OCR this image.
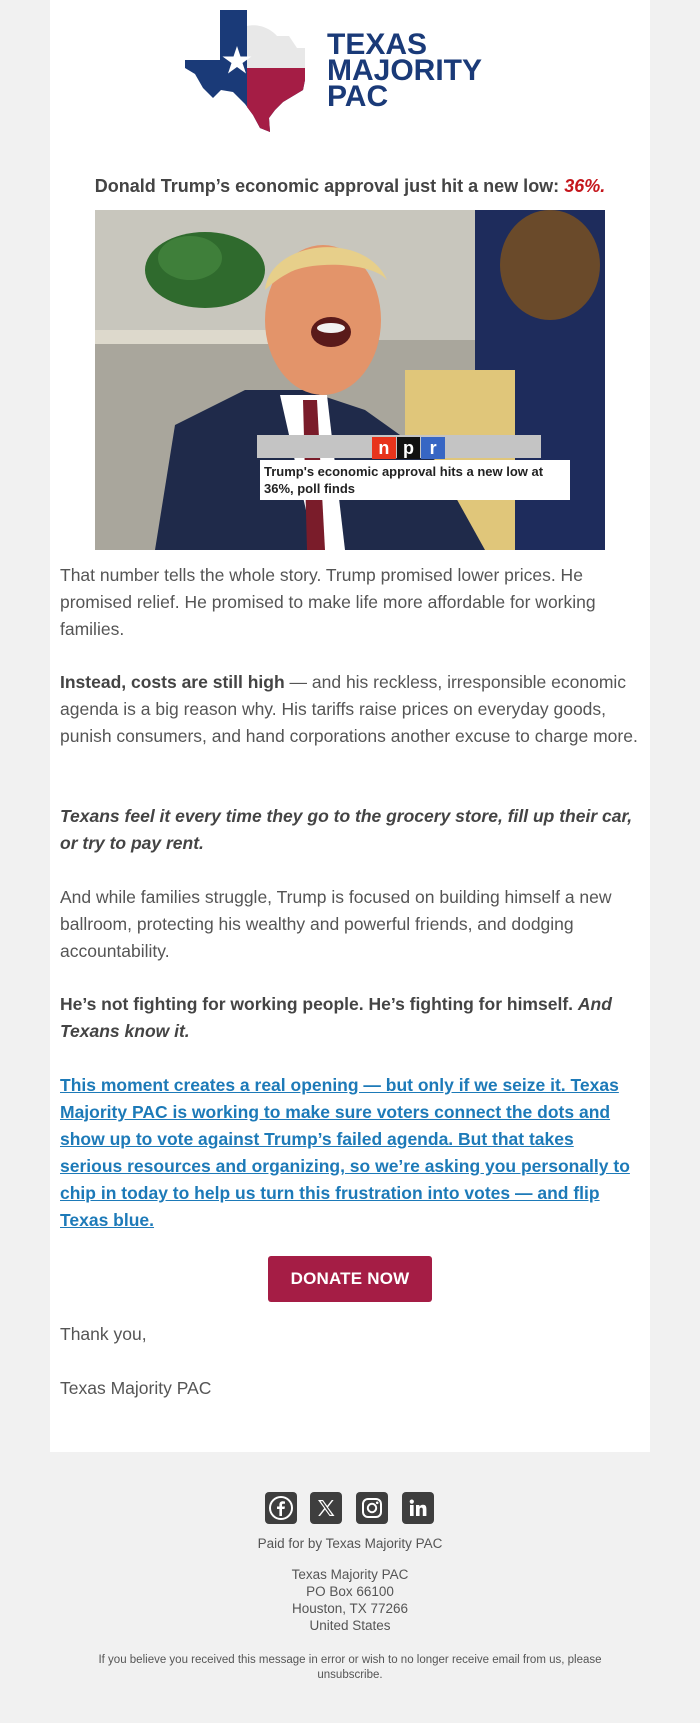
TEXAS
MAJORITY
PAC
Donald Trump’s economic approval just hit a new low: 36%.
n p r
Trump's economic approval hits a new low at 36%, poll finds

That number tells the whole story. Trump promised lower prices. He promised relief. He promised to make life more affordable for working families.

Instead, costs are still high — and his reckless, irresponsible economic agenda is a big reason why. His tariffs raise prices on everyday goods, punish consumers, and hand corporations another excuse to charge more.

Texans feel it every time they go to the grocery store, fill up their car, or try to pay rent.

And while families struggle, Trump is focused on building himself a new ballroom, protecting his wealthy and powerful friends, and dodging accountability.

He’s not fighting for working people. He’s fighting for himself. And Texans know it.

This moment creates a real opening — but only if we seize it. Texas Majority PAC is working to make sure voters connect the dots and show up to vote against Trump’s failed agenda. But that takes serious resources and organizing, so we’re asking you personally to chip in today to help us turn this frustration into votes — and flip Texas blue.

DONATE NOW

Thank you,

Texas Majority PAC

Paid for by Texas Majority PAC
Texas Majority PAC
PO Box 66100
Houston, TX 77266
United States
If you believe you received this message in error or wish to no longer receive email from us, please unsubscribe.
